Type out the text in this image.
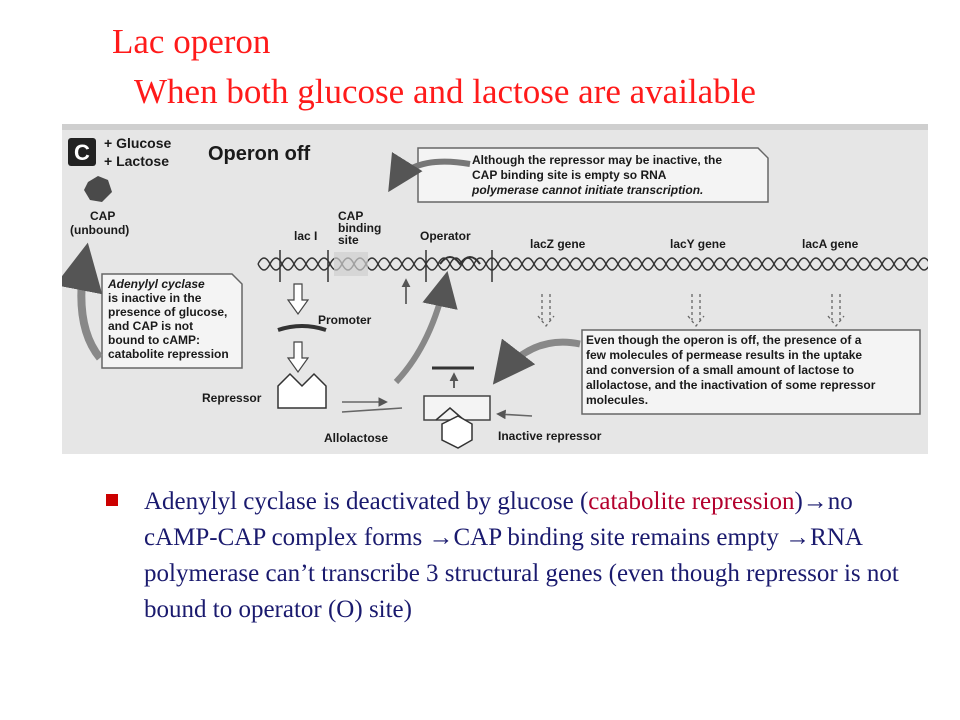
Lac operon
When both glucose and lactose are available
C + Glucose
+ Lactose Operon off
CAP
(unbound)
Although the repressor may be inactive, the
CAP binding site is empty so RNA
polymerase cannot initiate transcription.
CAP
binding
site
lac I	Operator
lacZ gene	lacY gene	lacA gene
Adenylyl cyclase
is inactive in the
presence of glucose,
and CAP is not
bound to cAMP:
catabolite repression
Repressor
Promoter
Allolactose	Inactive repressor
Even though the operon is off, the presence of a
few molecules of permease results in the uptake
and conversion of a small amount of lactose to
allolactose, and the inactivation of some repressor
molecules.
Adenylyl cyclase is deactivated by glucose (catabolite repression)→no cAMP-CAP complex forms →CAP binding site remains empty →RNA polymerase can’t transcribe 3 structural genes (even though repressor is not bound to operator (O) site)
